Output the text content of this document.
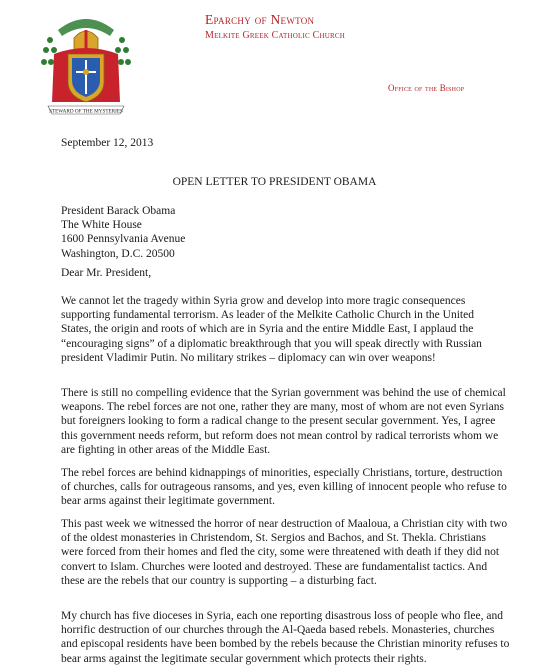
STEWARD OF THE MYSTERIES
Eparchy of Newton
Melkite Greek Catholic Church
Office of the Bishop
September 12, 2013
OPEN LETTER TO PRESIDENT OBAMA
President Barack Obama
The White House
1600 Pennsylvania Avenue
Washington, D.C. 20500
Dear Mr. President,
We cannot let the tragedy within Syria grow and develop into more tragic consequences
supporting fundamental terrorism. As leader of the Melkite Catholic Church in the United
States, the origin and roots of which are in Syria and the entire Middle East, I applaud the
“encouraging signs” of a diplomatic breakthrough that you will speak directly with Russian
president Vladimir Putin. No military strikes – diplomacy can win over weapons!
There is still no compelling evidence that the Syrian government was behind the use of chemical
weapons. The rebel forces are not one, rather they are many, most of whom are not even Syrians
but foreigners looking to form a radical change to the present secular government. Yes, I agree
this government needs reform, but reform does not mean control by radical terrorists whom we
are fighting in other areas of the Middle East.
The rebel forces are behind kidnappings of minorities, especially Christians, torture, destruction
of churches, calls for outrageous ransoms, and yes, even killing of innocent people who refuse to
bear arms against their legitimate government.
This past week we witnessed the horror of near destruction of Maaloua, a Christian city with two
of the oldest monasteries in Christendom, St. Sergios and Bachos, and St. Thekla. Christians
were forced from their homes and fled the city, some were threatened with death if they did not
convert to Islam. Churches were looted and destroyed. These are fundamentalist tactics. And
these are the rebels that our country is supporting – a disturbing fact.
My church has five dioceses in Syria, each one reporting disastrous loss of people who flee, and
horrific destruction of our churches through the Al-Qaeda based rebels. Monasteries, churches
and episcopal residents have been bombed by the rebels because the Christian minority refuses to
bear arms against the legitimate secular government which protects their rights.
